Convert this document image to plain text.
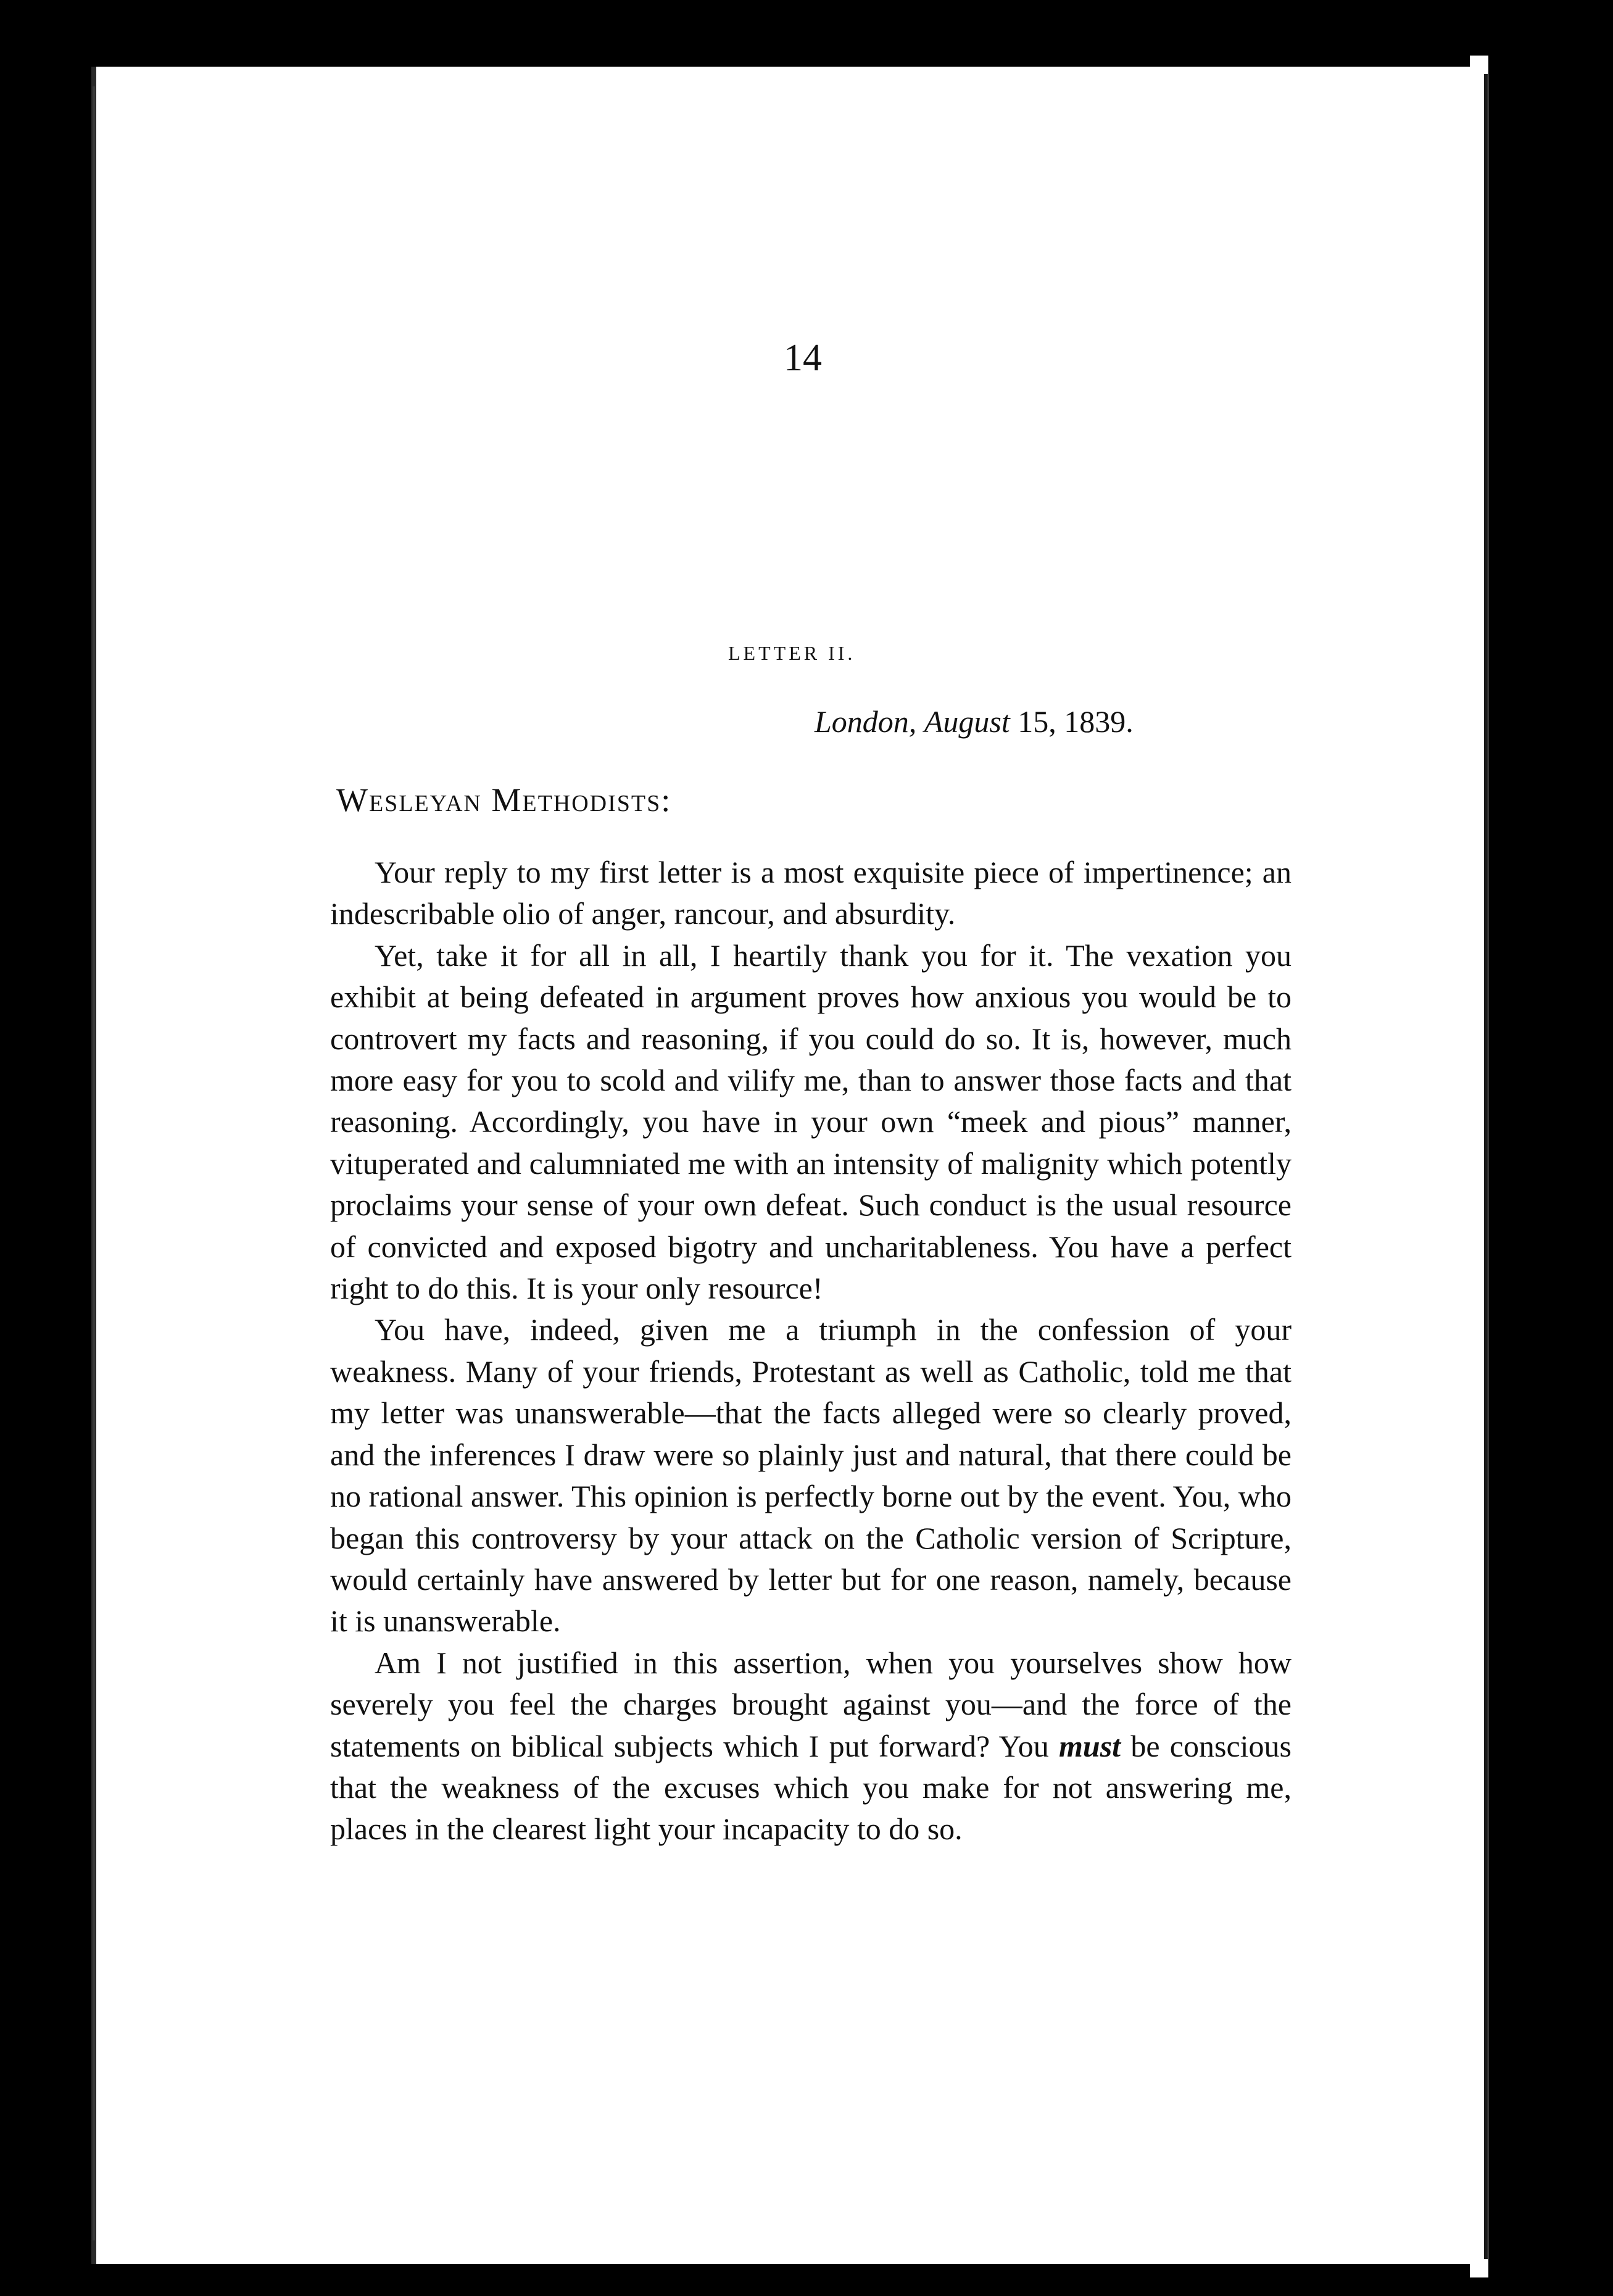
14
LETTER II.
London, August 15, 1839.
Wesleyan Methodists:

Your reply to my first letter is a most exquisite piece of impertinence; an indescribable olio of anger, rancour, and absurdity.

Yet, take it for all in all, I heartily thank you for it. The vexation you exhibit at being defeated in argument proves how anxious you would be to controvert my facts and reasoning, if you could do so. It is, however, much more easy for you to scold and vilify me, than to answer those facts and that reasoning. Accordingly, you have in your own “meek and pious” manner, vituperated and calumniated me with an intensity of malignity which potently proclaims your sense of your own defeat. Such conduct is the usual resource of convicted and exposed bigotry and uncharitableness. You have a perfect right to do this. It is your only resource!

You have, indeed, given me a triumph in the confession of your weakness. Many of your friends, Protestant as well as Catholic, told me that my letter was unanswerable—that the facts alleged were so clearly proved, and the inferences I draw were so plainly just and natural, that there could be no rational answer. This opinion is perfectly borne out by the event. You, who began this controversy by your attack on the Catholic version of Scripture, would certainly have answered by letter but for one reason, namely, because it is unanswerable.

Am I not justified in this assertion, when you yourselves show how severely you feel the charges brought against you—and the force of the statements on biblical subjects which I put forward? You must be conscious that the weakness of the excuses which you make for not answering me, places in the clearest light your incapacity to do so.
